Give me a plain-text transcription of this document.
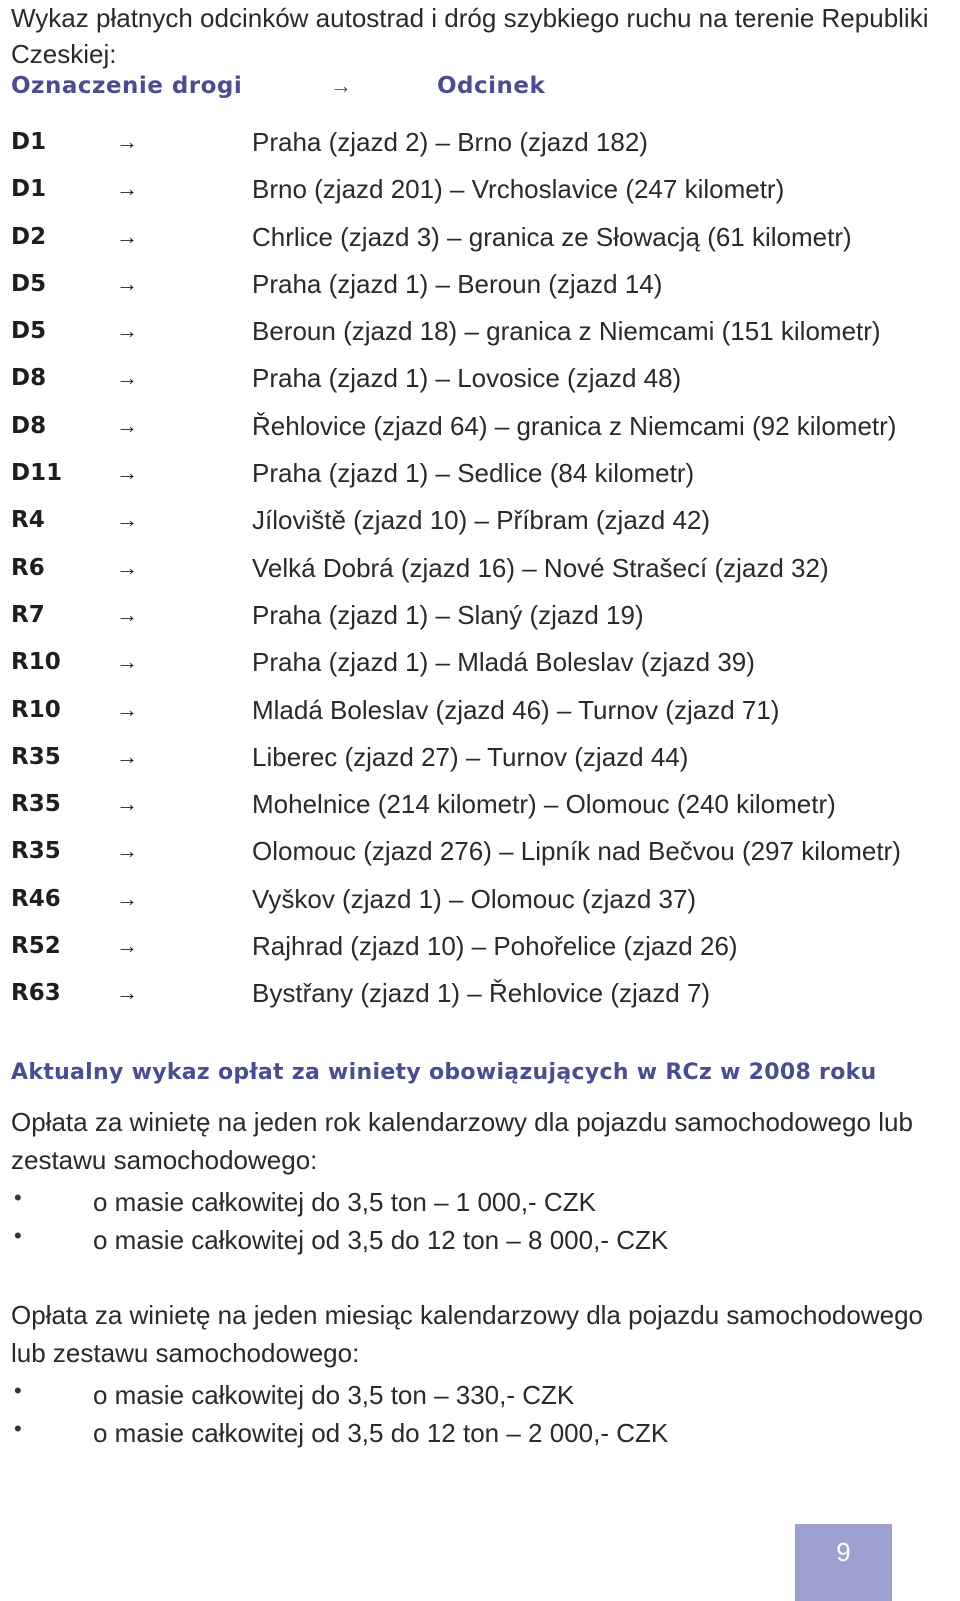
Wykaz płatnych odcinków autostrad i dróg szybkiego ruchu na terenie Republiki Czeskiej:
Oznaczenie drogi	→	Odcinek
D1	→	Praha (zjazd 2) – Brno (zjazd 182)
D1	→	Brno (zjazd 201) – Vrchoslavice (247 kilometr)
D2	→	Chrlice (zjazd 3) – granica ze Słowacją (61 kilometr)
D5	→	Praha (zjazd 1) – Beroun (zjazd 14)
D5	→	Beroun (zjazd 18) – granica z Niemcami (151 kilometr)
D8	→	Praha (zjazd 1) – Lovosice (zjazd 48)
D8	→	Řehlovice (zjazd 64) – granica z Niemcami (92 kilometr)
D11 →	Praha (zjazd 1) – Sedlice (84 kilometr)
R4	→	Jíloviště (zjazd 10) – Příbram (zjazd 42)
R6	→	Velká Dobrá (zjazd 16) – Nové Strašecí (zjazd 32)
R7	→	Praha (zjazd 1) – Slaný (zjazd 19)
R10	→	Praha (zjazd 1) – Mladá Boleslav (zjazd 39)
R10	→	Mladá Boleslav (zjazd 46) – Turnov (zjazd 71)
R35	→	Liberec (zjazd 27) – Turnov (zjazd 44)
R35	→	Mohelnice (214 kilometr) – Olomouc (240 kilometr)
R35	→	Olomouc (zjazd 276) – Lipník nad Bečvou (297 kilometr)
R46	→	Vyškov (zjazd 1) – Olomouc (zjazd 37)
R52	→	Rajhrad (zjazd 10) – Pohořelice (zjazd 26)
R63	→	Bystřany (zjazd 1) – Řehlovice (zjazd 7)
Aktualny wykaz opłat za winiety obowiązujących w RCz w 2008 roku
Opłata za winietę na jeden rok kalendarzowy dla pojazdu samochodowego lub zestawu samochodowego:
•	o masie całkowitej do 3,5 ton – 1 000,- CZK
•	o masie całkowitej od 3,5 do 12 ton – 8 000,- CZK
Opłata za winietę na jeden miesiąc kalendarzowy dla pojazdu samochodowego lub zestawu samochodowego:
•	o masie całkowitej do 3,5 ton – 330,- CZK
•	o masie całkowitej od 3,5 do 12 ton – 2 000,- CZK
9
